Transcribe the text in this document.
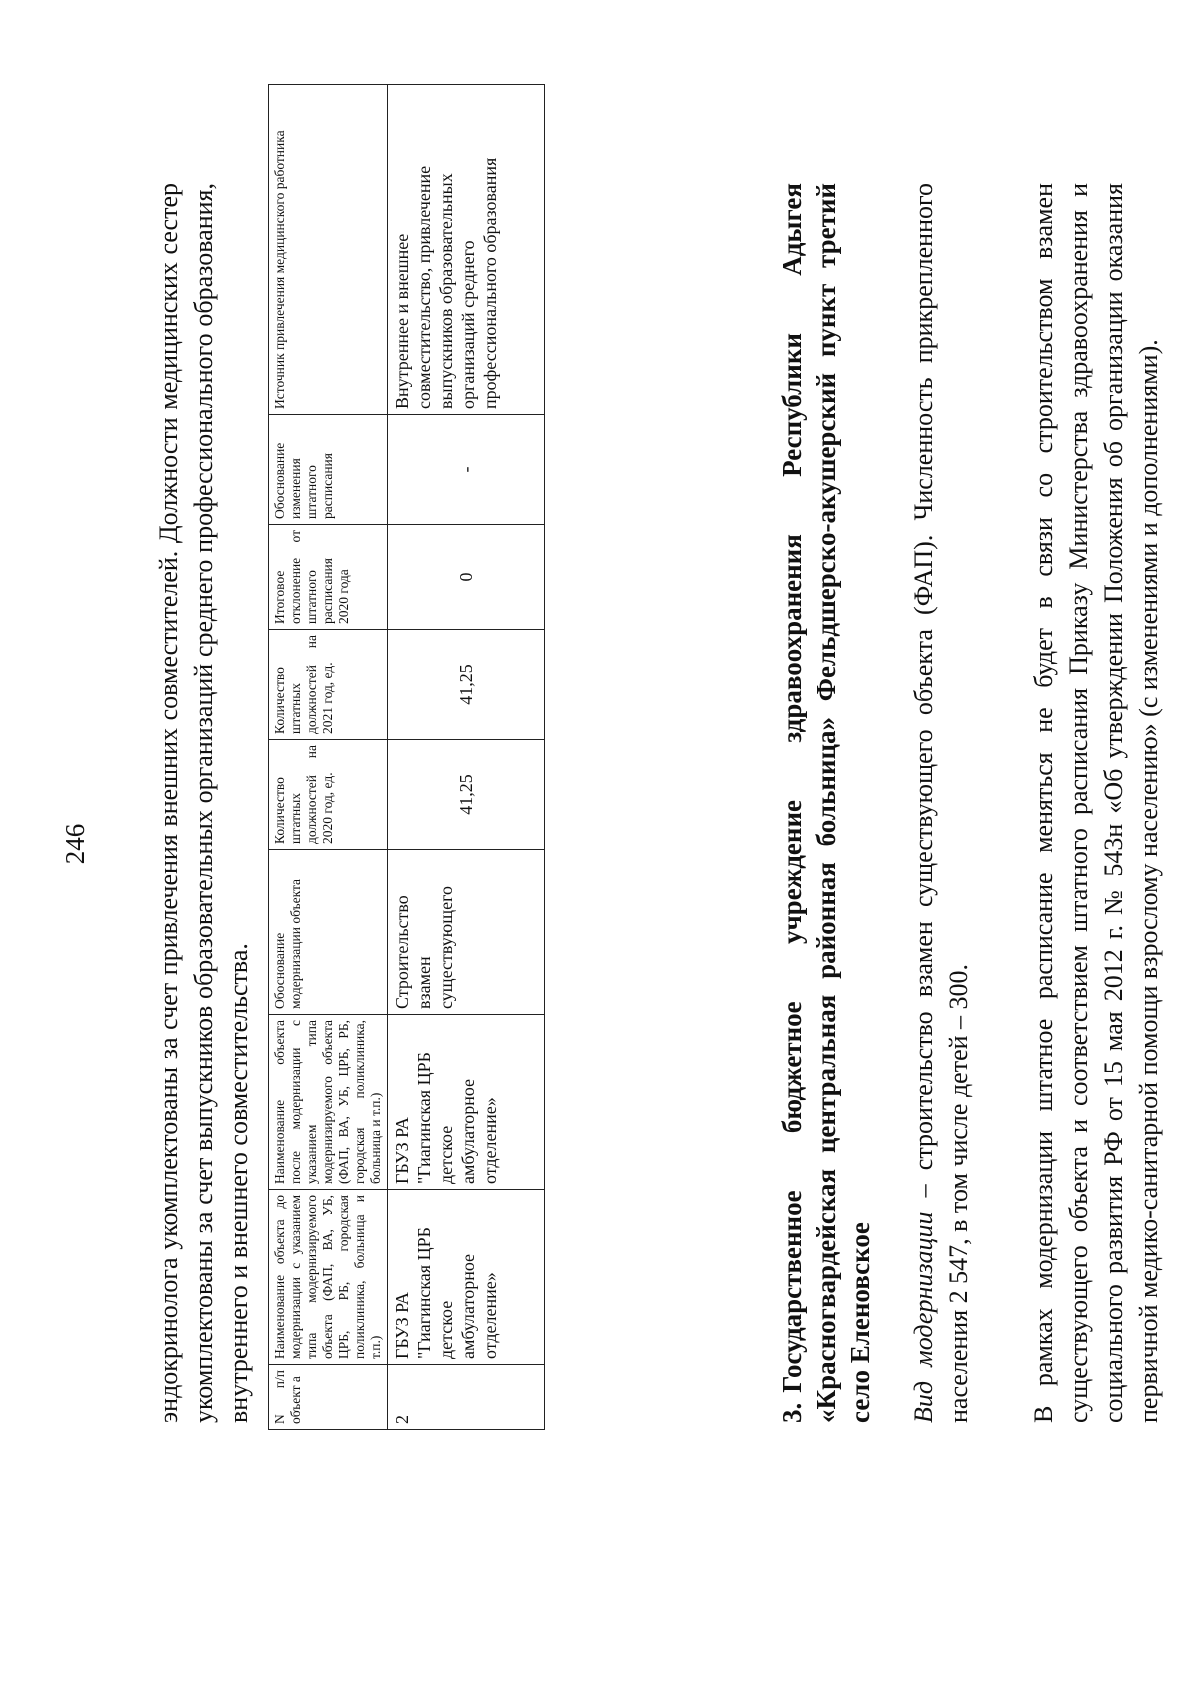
246 эндокринолога укомплектованы за счет привлечения внешних совместителей. Должности медицинских сестер укомплектованы за счет выпускников образовательных организаций среднего профессионального образования, внутреннего и внешнего совместительства. N п/п объект а	Наименование объекта до модернизации с указанием типа модернизируемого объекта (ФАП, ВА, УБ, ЦРБ, РБ, городская поликлиника, больница и т.п.)	Наименование объекта после модернизации с указанием типа модернизируемого объекта (ФАП, ВА, УБ, ЦРБ, РБ, городская поликлиника, больница и т.п.)	Обоснование модернизации объекта	Количество штатных должностей на 2020 год, ед.	Количество штатных должностей на 2021 год, ед.	Итоговое отклонение от штатного расписания 2020 года	Обоснование изменения штатного расписания	Источник привлечения медицинского работника
2	ГБУЗ РА "Гиагинская ЦРБ детское амбулаторное отделение»	ГБУЗ РА "Гиагинская ЦРБ детское амбулаторное отделение»	Строительство взамен существующего	41,25	41,25	0	-	Внутреннее и внешнее совместительство, привлечение выпускников образовательных организаций среднего профессионального образования
3.Государственное бюджетное учреждение здравоохранения Республики Адыгея «Красногвардейская центральная районная больница» Фельдшерско-акушерский пункт третий село Еленовское Вид модернизации – строительство взамен существующего объекта (ФАП). Численность прикрепленного населения 2 547, в том числе детей – 300. В рамках модернизации штатное расписание меняться не будет в связи со строительством взамен существующего объекта и соответствием штатного расписания Приказу Министерства здравоохранения и социального развития РФ от 15 мая 2012 г. № 543н «Об утверждении Положения об организации оказания первичной медико-санитарной помощи взрослому населению» (с изменениями и дополнениями).
